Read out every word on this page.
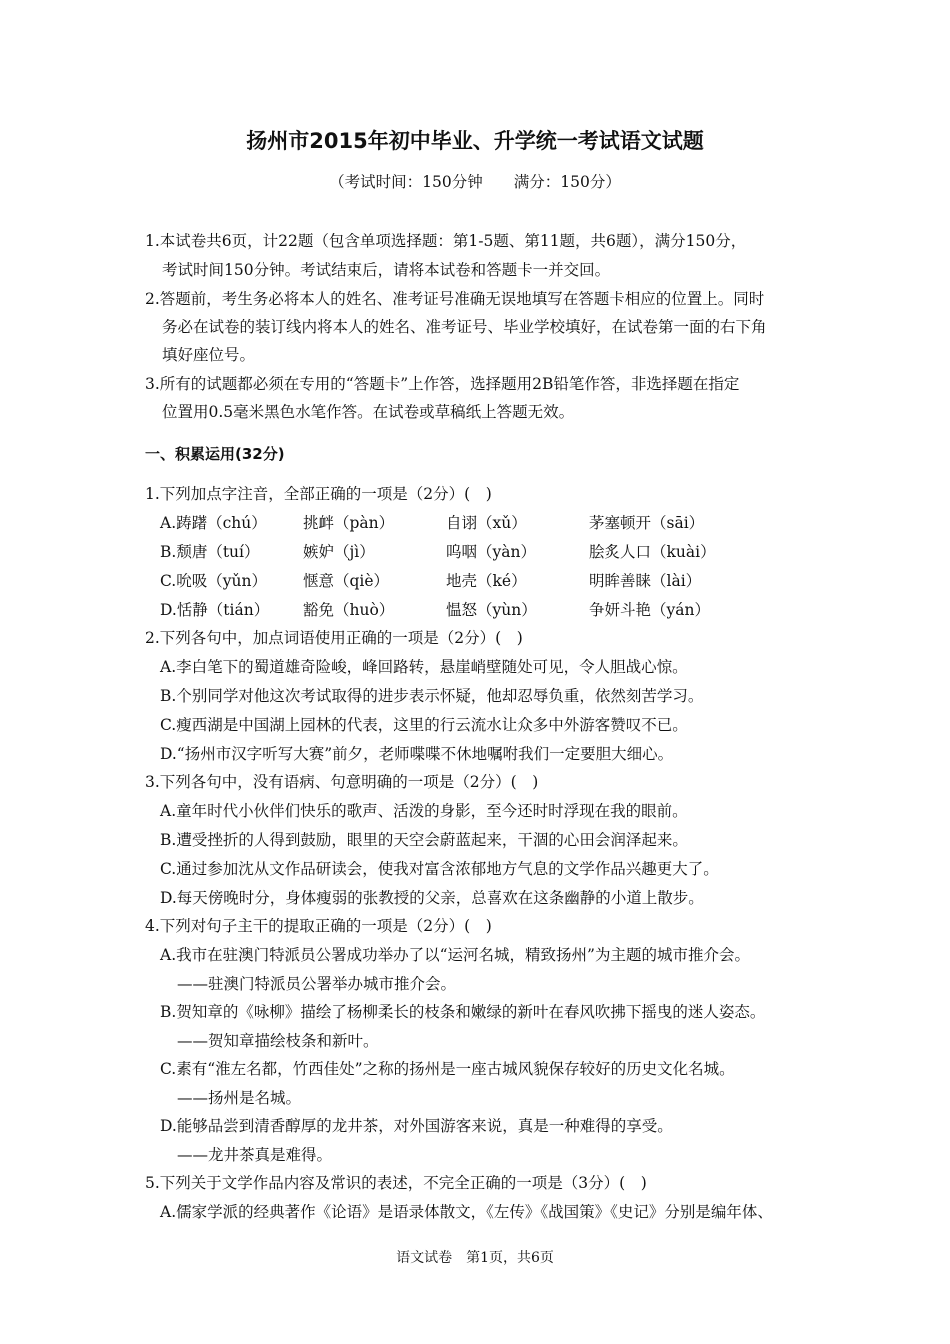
扬州市2015年初中毕业、升学统一考试语文试题
（考试时间：150分钟　　满分：150分）
1.本试卷共6页，计22题（包含单项选择题：第1-5题、第11题，共6题），满分150分，
考试时间150分钟。考试结束后，请将本试卷和答题卡一并交回。
2.答题前，考生务必将本人的姓名、准考证号准确无误地填写在答题卡相应的位置上。同时
务必在试卷的装订线内将本人的姓名、准考证号、毕业学校填好，在试卷第一面的右下角
填好座位号。
3.所有的试题都必须在专用的“答题卡”上作答，选择题用2B铅笔作答，非选择题在指定
位置用0.5毫米黑色水笔作答。在试卷或草稿纸上答题无效。
一、积累运用(32分)
1.下列加点字注音，全部正确的一项是（2分）(　)
A.踌躇（chú） 挑衅（pàn）	自诩（xǔ）	茅塞顿开（sāi）
B.颓唐（tuí）	嫉妒（jì）	呜咽（yàn）	脍炙人口（kuài）
C.吮吸（yǔn） 惬意（qiè）	地壳（ké）	明眸善睐（lài）
D.恬静（tián） 豁免（huò）	愠怒（yùn）	争妍斗艳（yán）
2.下列各句中，加点词语使用正确的一项是（2分）(　)
A.李白笔下的蜀道雄奇险峻，峰回路转，悬崖峭壁随处可见，令人胆战心惊。
B.个别同学对他这次考试取得的进步表示怀疑，他却忍辱负重，依然刻苦学习。
C.瘦西湖是中国湖上园林的代表，这里的行云流水让众多中外游客赞叹不已。
D.“扬州市汉字听写大赛”前夕，老师喋喋不休地嘱咐我们一定要胆大细心。
3.下列各句中，没有语病、句意明确的一项是（2分）(　)
A.童年时代小伙伴们快乐的歌声、活泼的身影，至今还时时浮现在我的眼前。
B.遭受挫折的人得到鼓励，眼里的天空会蔚蓝起来，干涸的心田会润泽起来。
C.通过参加沈从文作品研读会，使我对富含浓郁地方气息的文学作品兴趣更大了。
D.每天傍晚时分，身体瘦弱的张教授的父亲，总喜欢在这条幽静的小道上散步。
4.下列对句子主干的提取正确的一项是（2分）(　)
A.我市在驻澳门特派员公署成功举办了以“运河名城，精致扬州”为主题的城市推介会。
——驻澳门特派员公署举办城市推介会。
B.贺知章的《咏柳》描绘了杨柳柔长的枝条和嫩绿的新叶在春风吹拂下摇曳的迷人姿态。
——贺知章描绘枝条和新叶。
C.素有“淮左名都，竹西佳处”之称的扬州是一座古城风貌保存较好的历史文化名城。
——扬州是名城。
D.能够品尝到清香醇厚的龙井茶，对外国游客来说，真是一种难得的享受。
——龙井茶真是难得。
5.下列关于文学作品内容及常识的表述，不完全正确的一项是（3分）(　)
A.儒家学派的经典著作《论语》是语录体散文，《左传》《战国策》《史记》分别是编年体、
语文试卷　第1页，共6页
